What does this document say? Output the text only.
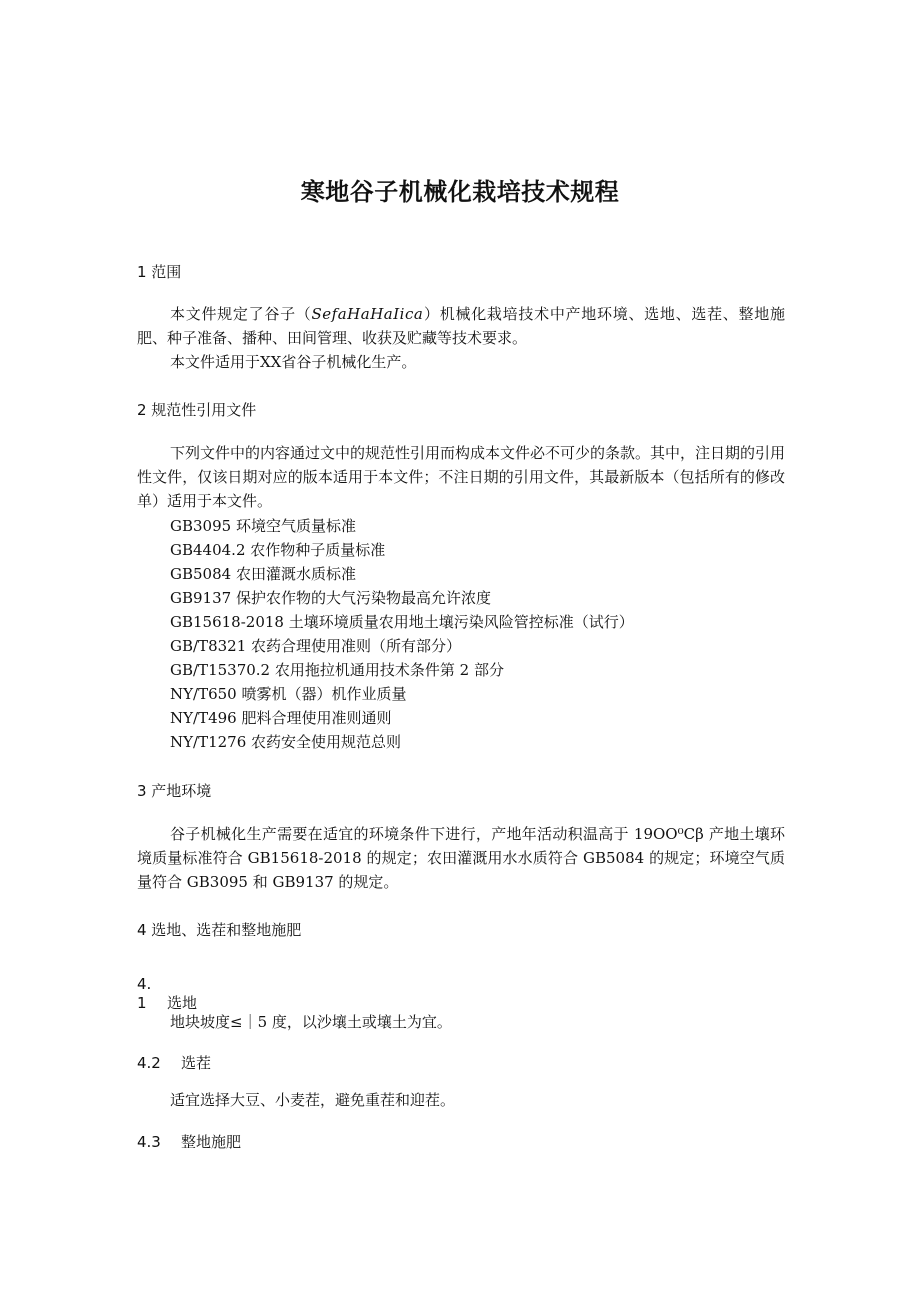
寒地谷子机械化栽培技术规程
1 范围
本文件规定了谷子（SefaHaHaIica）机械化栽培技术中产地环境、选地、选茬、整地施肥、种子准备、播种、田间管理、收获及贮藏等技术要求。
本文件适用于XX省谷子机械化生产。
2 规范性引用文件
下列文件中的内容通过文中的规范性引用而构成本文件必不可少的条款。其中，注日期的引用性文件，仅该日期对应的版本适用于本文件；不注日期的引用文件，其最新版本（包括所有的修改单）适用于本文件。
GB3095 环境空气质量标准
GB4404.2 农作物种子质量标准
GB5084 农田灌溉水质标准
GB9137 保护农作物的大气污染物最高允许浓度
GB15618-2018 土壤环境质量农用地土壤污染风险管控标准（试行）
GB/T8321 农药合理使用准则（所有部分）
GB/T15370.2 农用拖拉机通用技术条件第 2 部分
NY/T650 喷雾机（器）机作业质量
NY/T496 肥料合理使用准则通则
NY/T1276 农药安全使用规范总则
3 产地环境
谷子机械化生产需要在适宜的环境条件下进行，产地年活动积温高于 19OO⁰Cβ 产地土壤环境质量标准符合 GB15618-2018 的规定；农田灌溉用水水质符合 GB5084 的规定；环境空气质量符合 GB3095 和 GB9137 的规定。
4 选地、选茬和整地施肥
4.　1 选地
地块坡度≤｜5 度，以沙壤土或壤土为宜。
4.2 选茬
适宜选择大豆、小麦茬，避免重茬和迎茬。
4.3 整地施肥
